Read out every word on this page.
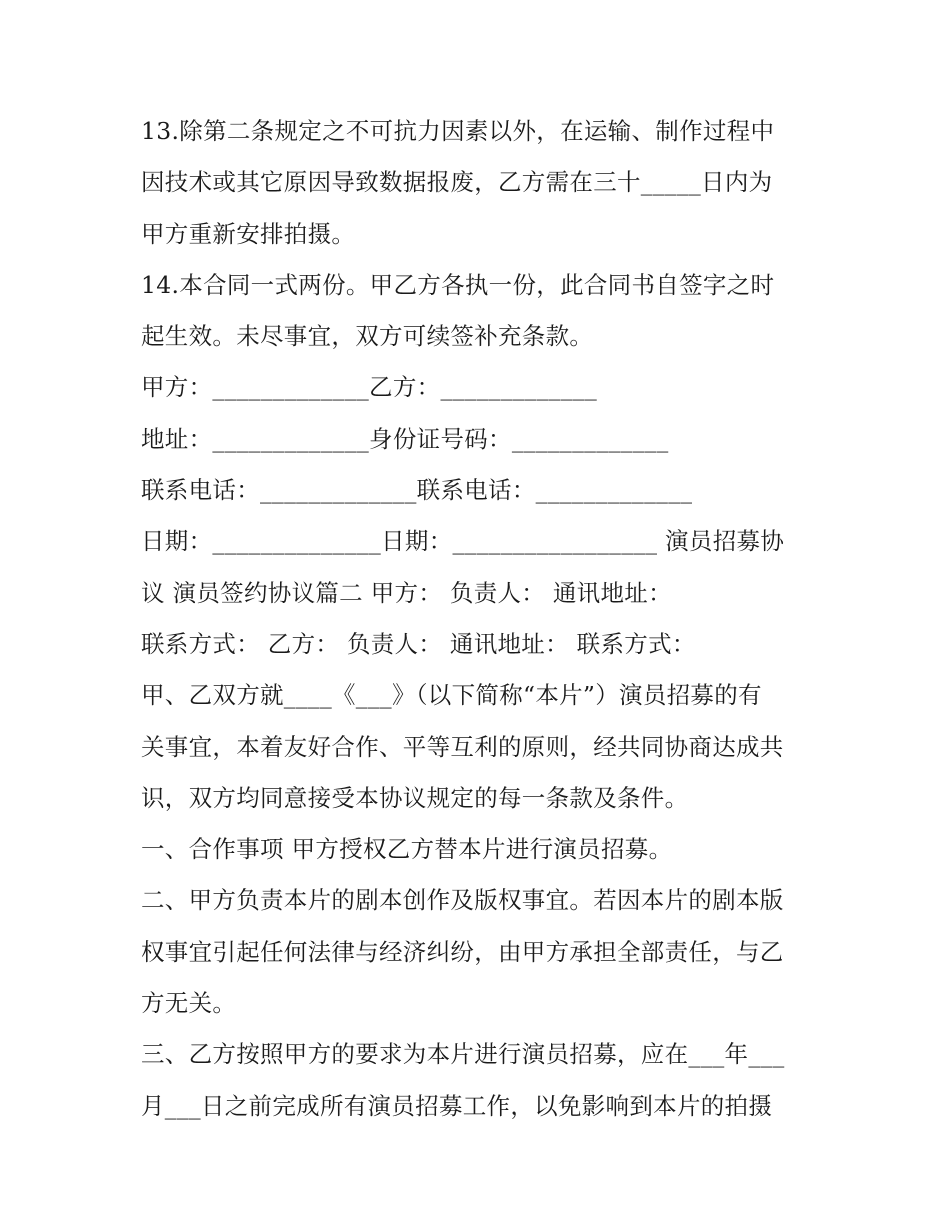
13.除第二条规定之不可抗力因素以外，在运输、制作过程中
因技术或其它原因导致数据报废，乙方需在三十_____日内为
甲方重新安排拍摄。
14.本合同一式两份。甲乙方各执一份，此合同书自签字之时
起生效。未尽事宜，双方可续签补充条款。
甲方：_____________乙方：_____________
地址：_____________身份证号码：_____________
联系电话：_____________联系电话：_____________
日期：______________日期：_________________ 演员招募协
议 演员签约协议篇二 甲方： 负责人： 通讯地址：
联系方式： 乙方： 负责人： 通讯地址： 联系方式：
甲、乙双方就____《___》（以下简称“本片”）演员招募的有
关事宜，本着友好合作、平等互利的原则，经共同协商达成共
识，双方均同意接受本协议规定的每一条款及条件。
一、合作事项 甲方授权乙方替本片进行演员招募。
二、甲方负责本片的剧本创作及版权事宜。若因本片的剧本版
权事宜引起任何法律与经济纠纷，由甲方承担全部责任，与乙
方无关。
三、乙方按照甲方的要求为本片进行演员招募，应在___年___
月___日之前完成所有演员招募工作，以免影响到本片的拍摄
